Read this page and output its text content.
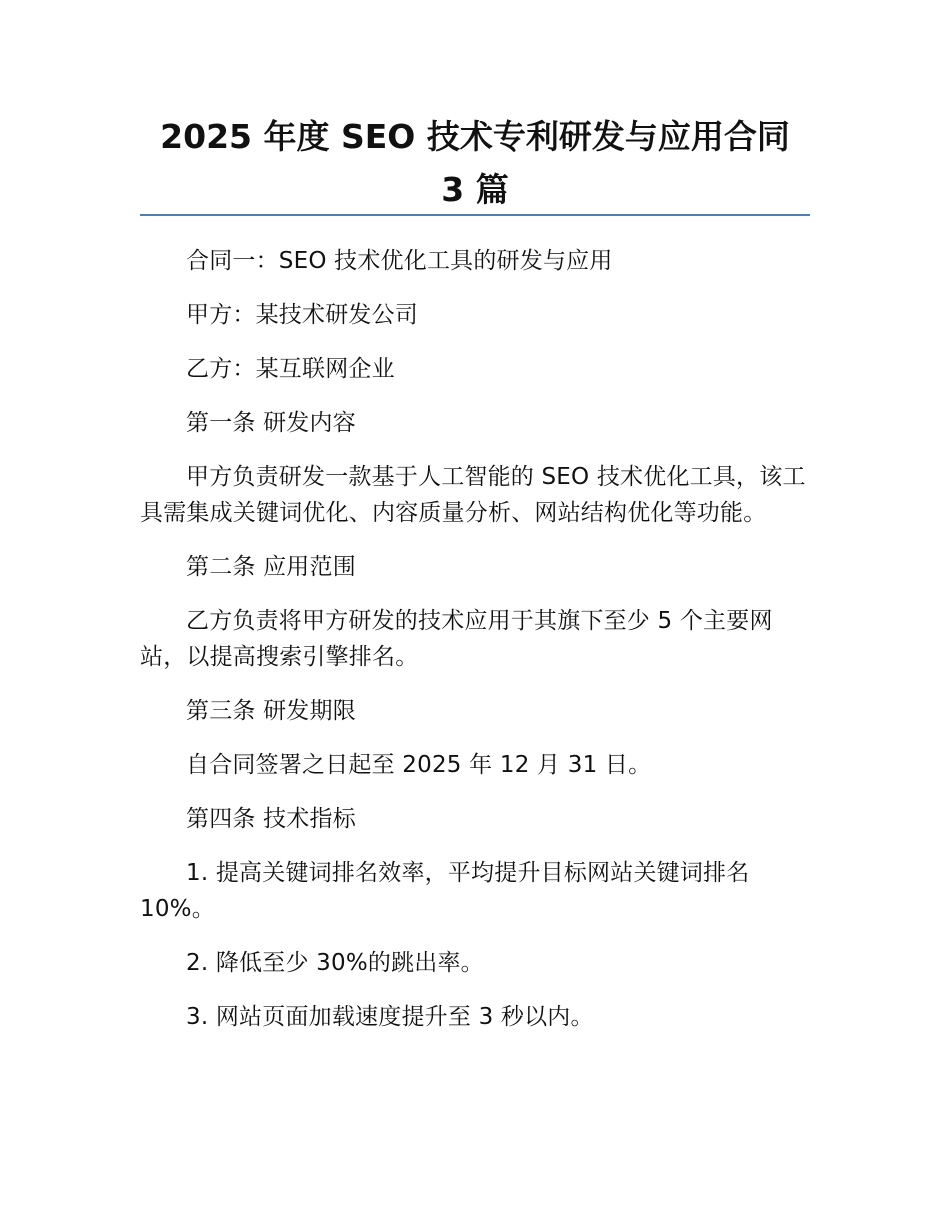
2025 年度 SEO 技术专利研发与应用合同
3 篇

合同一：SEO 技术优化工具的研发与应用

甲方：某技术研发公司

乙方：某互联网企业

第一条 研发内容

甲方负责研发一款基于人工智能的 SEO 技术优化工具，该工具需集成关键词优化、内容质量分析、网站结构优化等功能。

第二条 应用范围

乙方负责将甲方研发的技术应用于其旗下至少 5 个主要网站，以提高搜索引擎排名。

第三条 研发期限

自合同签署之日起至 2025 年 12 月 31 日。

第四条 技术指标

1. 提高关键词排名效率，平均提升目标网站关键词排名 10%。

2. 降低至少 30%的跳出率。

3. 网站页面加载速度提升至 3 秒以内。
